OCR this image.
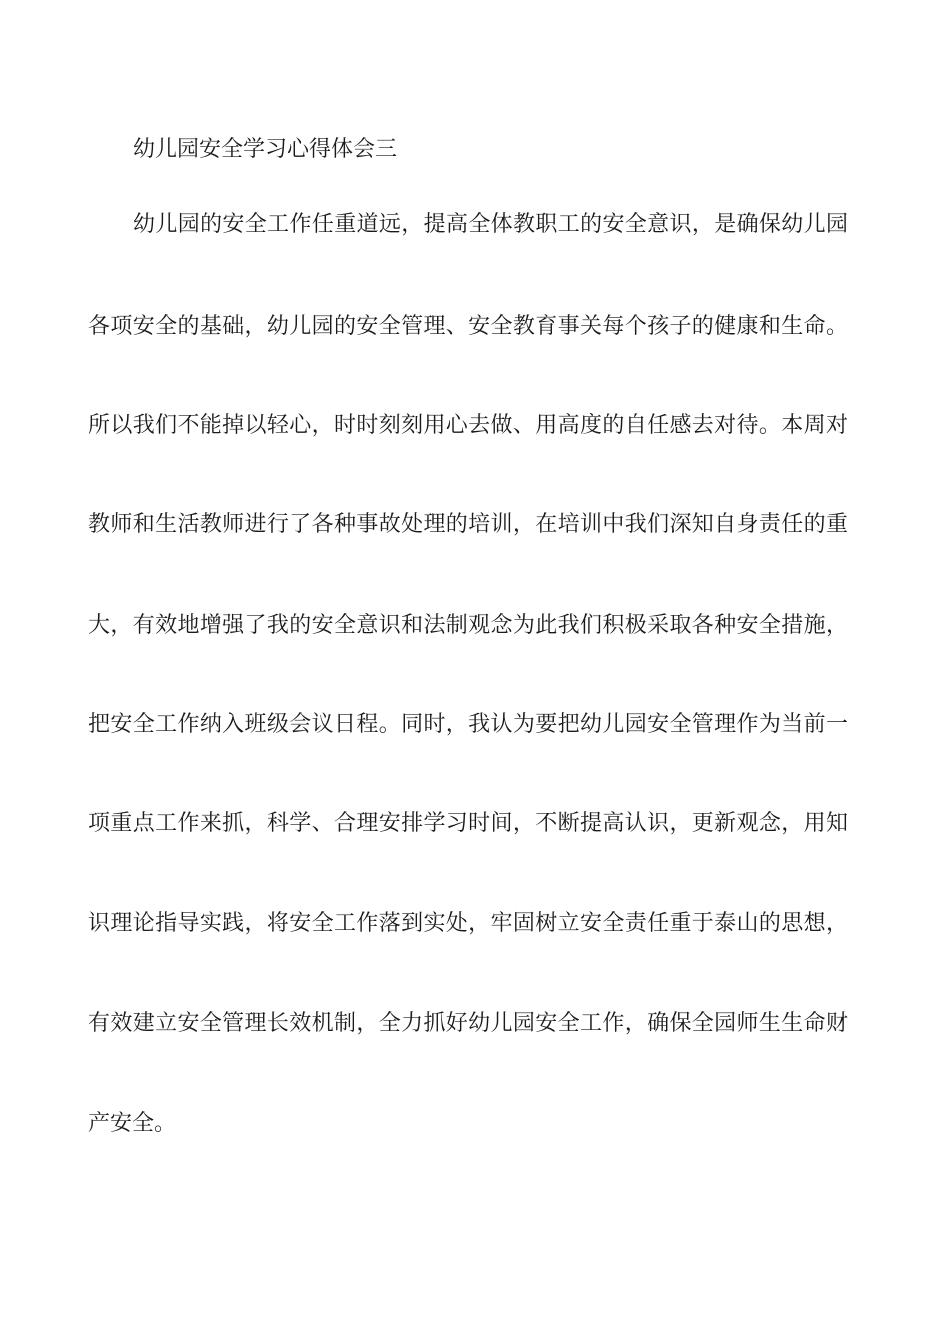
幼儿园安全学习心得体会三
幼儿园的安全工作任重道远，提高全体教职工的安全意识，是确保幼儿园
各项安全的基础，幼儿园的安全管理、安全教育事关每个孩子的健康和生命。
所以我们不能掉以轻心，时时刻刻用心去做、用高度的自任感去对待。本周对
教师和生活教师进行了各种事故处理的培训，在培训中我们深知自身责任的重
大，有效地增强了我的安全意识和法制观念为此我们积极采取各种安全措施，
把安全工作纳入班级会议日程。同时，我认为要把幼儿园安全管理作为当前一
项重点工作来抓，科学、合理安排学习时间，不断提高认识，更新观念，用知
识理论指导实践，将安全工作落到实处，牢固树立安全责任重于泰山的思想，
有效建立安全管理长效机制，全力抓好幼儿园安全工作，确保全园师生生命财
产安全。
